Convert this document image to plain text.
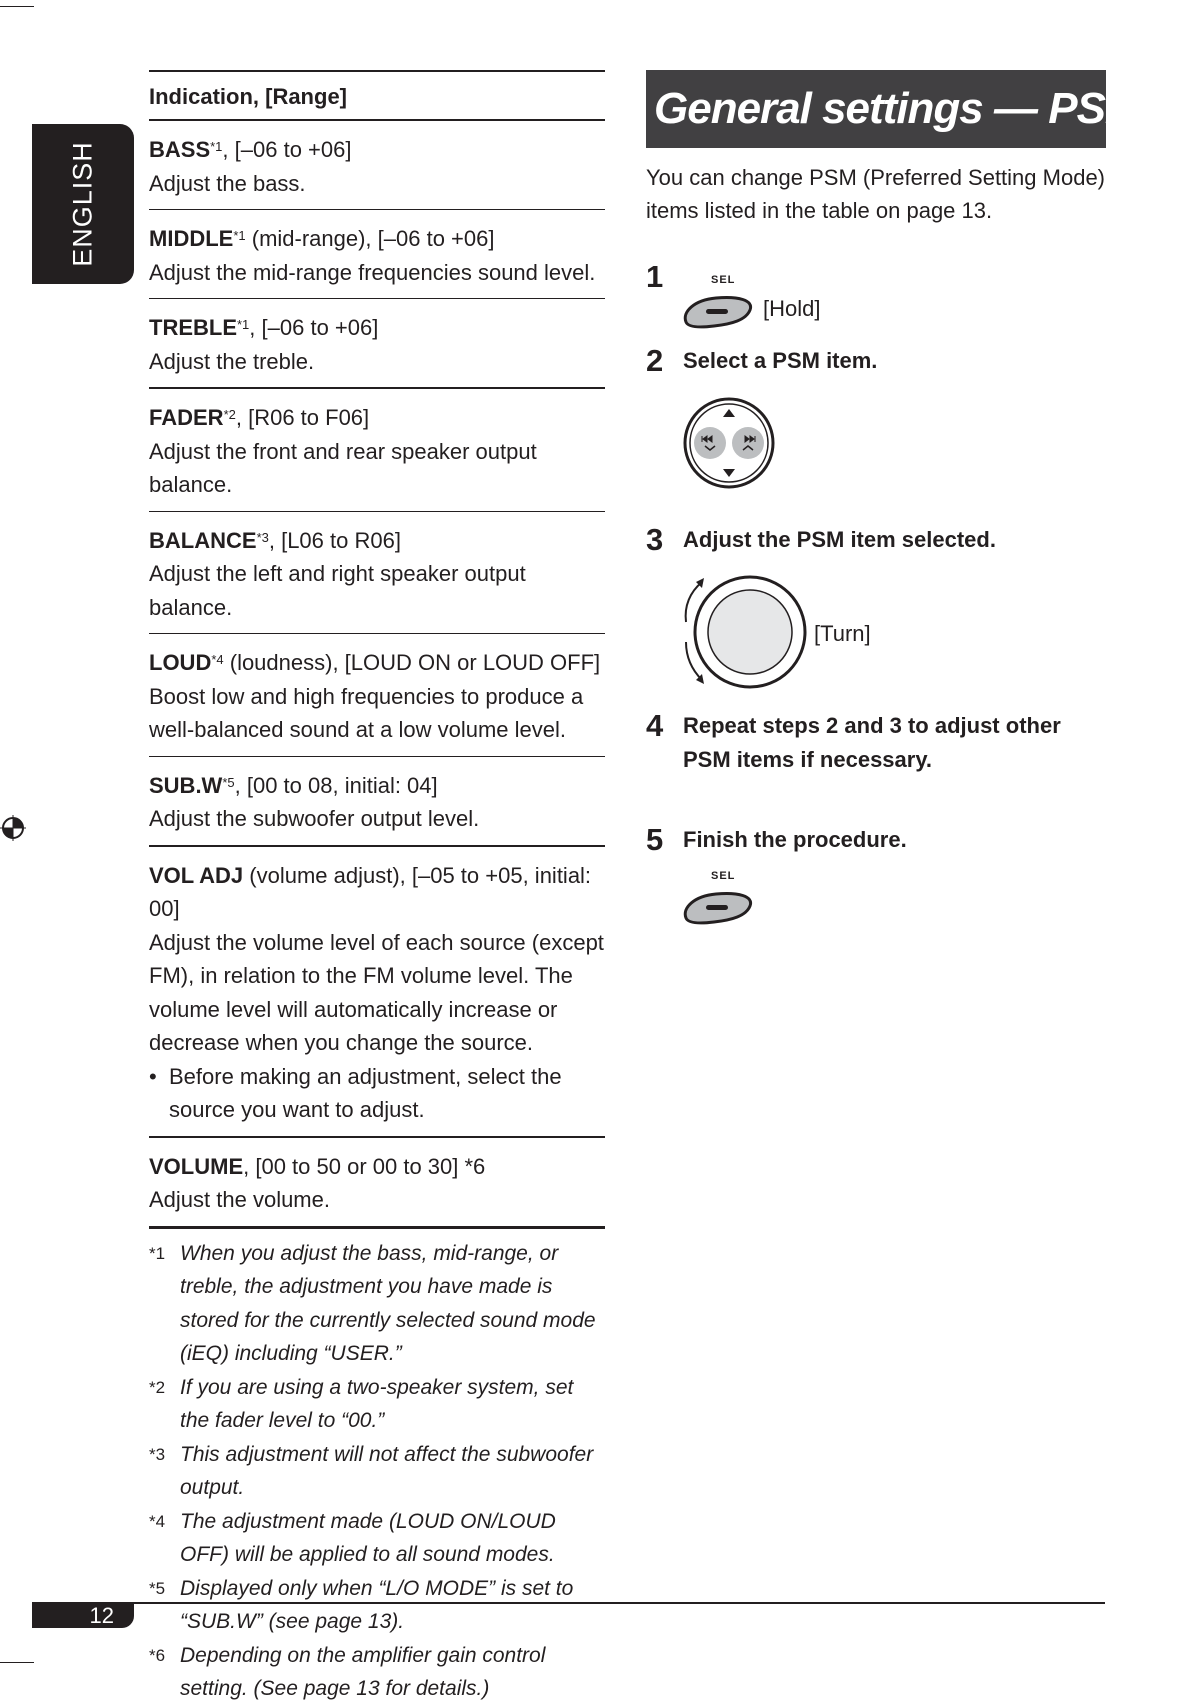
ENGLISH
Indication, [Range]

BASS$^{*1}$, [–06 to +06]

Adjust the bass.

MIDDLE$^{*1}$ (mid-range), [–06 to +06]

Adjust the mid-range frequencies sound level.

TREBLE$^{*1}$, [–06 to +06]

Adjust the treble.

FADER$^{*2}$, [R06 to F06]

Adjust the front and rear speaker output balance.

BALANCE$^{*3}$, [L06 to R06]

Adjust the left and right speaker output balance.

LOUD$^{*4}$ (loudness), [LOUD ON or LOUD OFF]

Boost low and high frequencies to produce a

well-balanced sound at a low volume level.

$SUB.W^{*5}$, [00 to 08, initial: 04]

Adjust the subwoofer output level.

VOL ADJ (volume adjust), [–05 to +05, initial: 00]

Adjust the volume level of each source (except FM), in relation to the FM volume level. The volume level will automatically increase or decrease when you change the source.

• Before making an adjustment, select the source you want to adjust.

VOLUME, [00 to 50 or 00 to 30] *6

Adjust the volume.

*1 When you adjust the bass, mid-range, or treble, the adjustment you have made is stored for the currently selected sound mode (iEQ) including “USER.”
*2 If you are using a two-speaker system, set the fader level to “00.”
*3 This adjustment will not affect the subwoofer output.
*4 The adjustment made (LOUD ON/LOUD OFF) will be applied to all sound modes.
*5 Displayed only when “L/O MODE” is set to “SUB.W” (see page 13).
*6 Depending on the amplifier gain control setting. (See page 13 for details.)
General settings — PSM

You can change PSM (Preferred Setting Mode) items listed in the table on page 13.

1	SEL
[Hold]
2 Select a PSM item.
3 Adjust the PSM item selected.
[Turn]
4 Repeat steps 2 and 3 to adjust other PSM items if necessary.
5 Finish the procedure.
SEL
12
